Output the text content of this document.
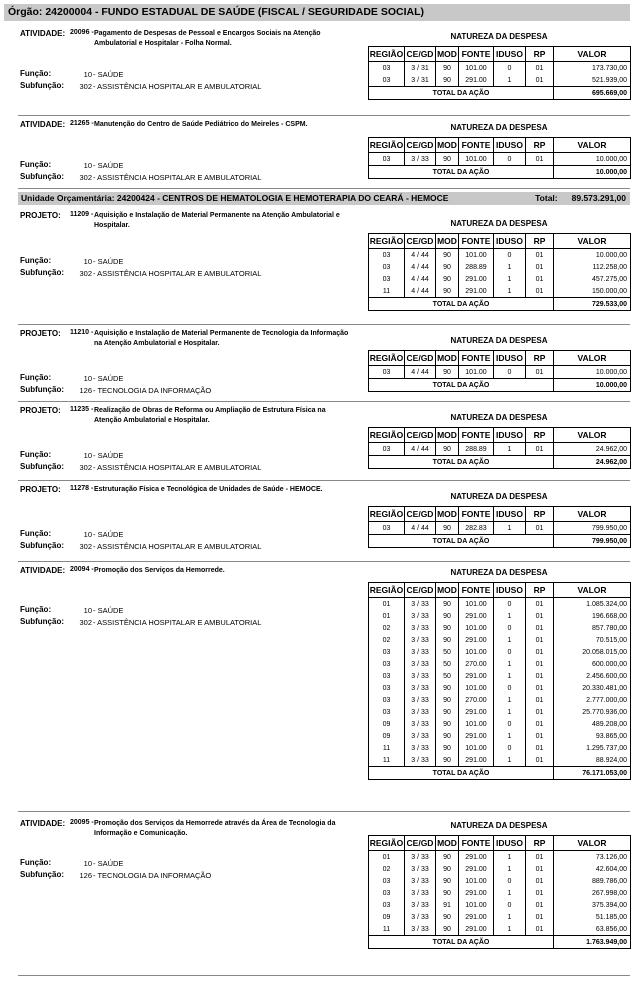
Órgão: 24200004 - FUNDO ESTADUAL DE SAÚDE (FISCAL / SEGURIDADE SOCIAL)
Unidade Orçamentária: 24200424 - CENTROS DE HEMATOLOGIA E HEMOTERAPIA DO CEARÁ - HEMOCE	Total: 89.573.291,00
ATIVIDADE: 20096 - Pagamento de Despesas de Pessoal e Encargos Sociais na Atenção Ambulatorial e Hospitalar - Folha Normal.
Função:	10 - SAÚDE
Subfunção:	302 - ASSISTÊNCIA HOSPITALAR E AMBULATORIAL
NATUREZA DA DESPESA
REGIÃO	CE/GD	MOD	FONTE	IDUSO	RP	VALOR
03	3 / 31	90	101.00	0	01	173.730,00
03	3 / 31	90	291.00	1	01	521.939,00
TOTAL DA AÇÃO						695.669,00
ATIVIDADE: 21265 - Manutenção do Centro de Saúde Pediátrico do Meireles - CSPM.
Função:	10 - SAÚDE
Subfunção:	302 - ASSISTÊNCIA HOSPITALAR E AMBULATORIAL
NATUREZA DA DESPESA
REGIÃO	CE/GD	MOD	FONTE	IDUSO	RP	VALOR
03	3 / 33	90	101.00	0	01	10.000,00
TOTAL DA AÇÃO						10.000,00
PROJETO: 11209 - Aquisição e Instalação de Material Permanente na Atenção Ambulatorial e Hospitalar.
Função:	10 - SAÚDE
Subfunção:	302 - ASSISTÊNCIA HOSPITALAR E AMBULATORIAL
NATUREZA DA DESPESA
REGIÃO	CE/GD	MOD	FONTE	IDUSO	RP	VALOR
03	4 / 44	90	101.00	0	01	10.000,00
03	4 / 44	90	288.89	1	01	112.258,00
03	4 / 44	90	291.00	1	01	457.275,00
11	4 / 44	90	291.00	1	01	150.000,00
TOTAL DA AÇÃO						729.533,00
PROJETO: 11210 - Aquisição e Instalação de Material Permanente de Tecnologia da Informação na Atenção Ambulatorial e Hospitalar.
Função:	10 - SAÚDE
Subfunção:	126 - TECNOLOGIA DA INFORMAÇÃO
NATUREZA DA DESPESA
REGIÃO	CE/GD	MOD	FONTE	IDUSO	RP	VALOR
03	4 / 44	90	101.00	0	01	10.000,00
TOTAL DA AÇÃO						10.000,00
PROJETO: 11235 - Realização de Obras de Reforma ou Ampliação de Estrutura Física na Atenção Ambulatorial e Hospitalar.
Função:	10 - SAÚDE
Subfunção:	302 - ASSISTÊNCIA HOSPITALAR E AMBULATORIAL
NATUREZA DA DESPESA
REGIÃO	CE/GD	MOD	FONTE	IDUSO	RP	VALOR
03	4 / 44	90	288.89	1	01	24.962,00
TOTAL DA AÇÃO						24.962,00
PROJETO: 11278 - Estruturação Física e Tecnológica de Unidades de Saúde - HEMOCE.
Função:	10 - SAÚDE
Subfunção:	302 - ASSISTÊNCIA HOSPITALAR E AMBULATORIAL
NATUREZA DA DESPESA
REGIÃO	CE/GD	MOD	FONTE	IDUSO	RP	VALOR
03	4 / 44	90	282.83	1	01	799.950,00
TOTAL DA AÇÃO						799.950,00
ATIVIDADE: 20094 - Promoção dos Serviços da Hemorrede.
Função:	10 - SAÚDE
Subfunção:	302 - ASSISTÊNCIA HOSPITALAR E AMBULATORIAL
NATUREZA DA DESPESA
REGIÃO	CE/GD	MOD	FONTE	IDUSO	RP	VALOR
01	3 / 33	90	101.00	0	01	1.085.324,00
01	3 / 33	90	291.00	1	01	196.668,00
02	3 / 33	90	101.00	0	01	857.780,00
02	3 / 33	90	291.00	1	01	70.515,00
03	3 / 33	50	101.00	0	01	20.058.015,00
03	3 / 33	50	270.00	1	01	600.000,00
03	3 / 33	50	291.00	1	01	2.456.600,00
03	3 / 33	90	101.00	0	01	20.330.481,00
03	3 / 33	90	270.00	1	01	2.777.000,00
03	3 / 33	90	291.00	1	01	25.770.936,00
09	3 / 33	90	101.00	0	01	489.208,00
09	3 / 33	90	291.00	1	01	93.865,00
11	3 / 33	90	101.00	0	01	1.295.737,00
11	3 / 33	90	291.00	1	01	88.924,00
TOTAL DA AÇÃO						76.171.053,00
ATIVIDADE: 20095 - Promoção dos Serviços da Hemorrede através da Área de Tecnologia da Informação e Comunicação.
Função:	10 - SAÚDE
Subfunção:	126 - TECNOLOGIA DA INFORMAÇÃO
NATUREZA DA DESPESA
REGIÃO	CE/GD	MOD	FONTE	IDUSO	RP	VALOR
01	3 / 33	90	291.00	1	01	73.126,00
02	3 / 33	90	291.00	1	01	42.604,00
03	3 / 33	90	101.00	0	01	889.786,00
03	3 / 33	90	291.00	1	01	267.998,00
03	3 / 33	91	101.00	0	01	375.394,00
09	3 / 33	90	291.00	1	01	51.185,00
11	3 / 33	90	291.00	1	01	63.856,00
TOTAL DA AÇÃO						1.763.949,00
